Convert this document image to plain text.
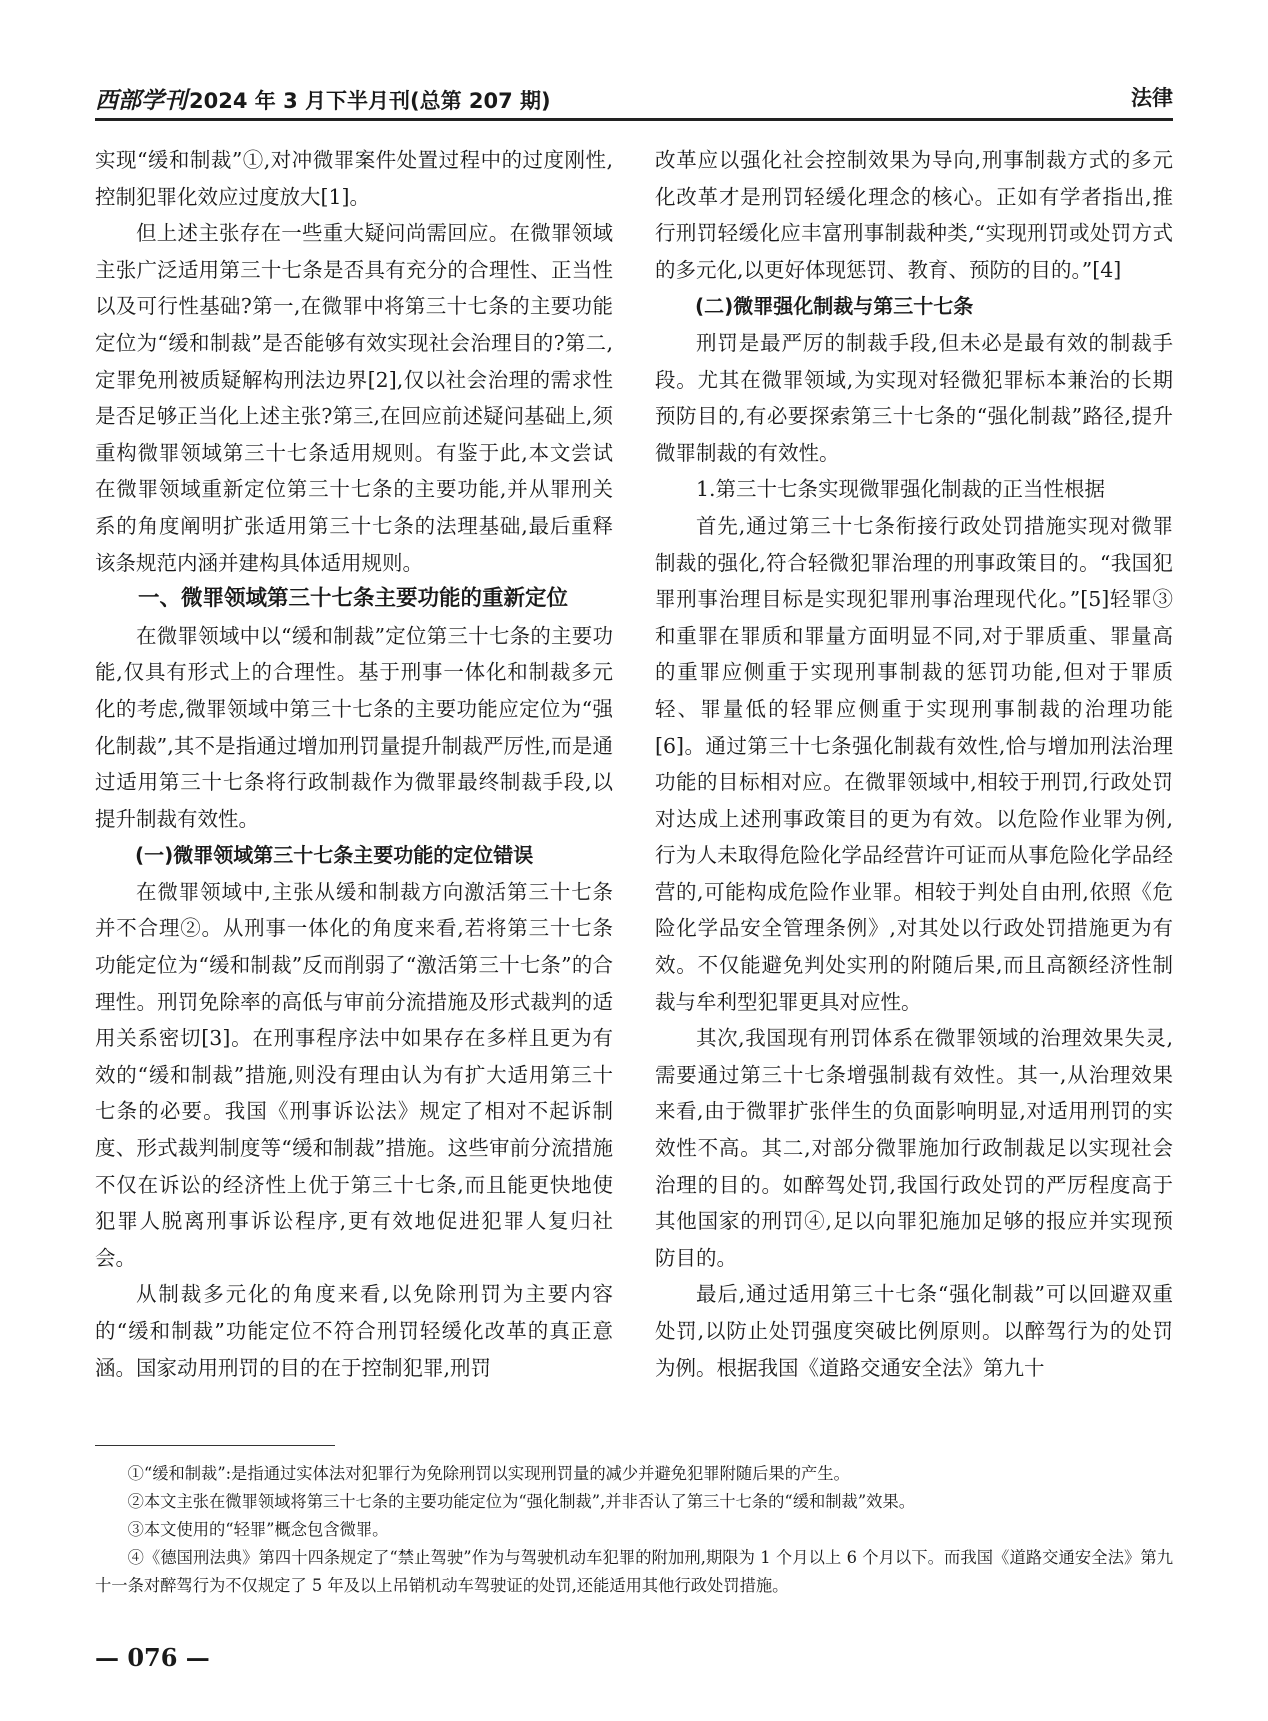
西部学刊2024 年 3 月下半月刊(总第 207 期)	法律

实现“缓和制裁”①,对冲微罪案件处置过程中的过度刚性,控制犯罪化效应过度放大[1]。

但上述主张存在一些重大疑问尚需回应。在微罪领域主张广泛适用第三十七条是否具有充分的合理性、正当性以及可行性基础?第一,在微罪中将第三十七条的主要功能定位为“缓和制裁”是否能够有效实现社会治理目的?第二,定罪免刑被质疑解构刑法边界[2],仅以社会治理的需求性是否足够正当化上述主张?第三,在回应前述疑问基础上,须重构微罪领域第三十七条适用规则。有鉴于此,本文尝试在微罪领域重新定位第三十七条的主要功能,并从罪刑关系的角度阐明扩张适用第三十七条的法理基础,最后重释该条规范内涵并建构具体适用规则。

一、微罪领域第三十七条主要功能的重新定位

在微罪领域中以“缓和制裁”定位第三十七条的主要功能,仅具有形式上的合理性。基于刑事一体化和制裁多元化的考虑,微罪领域中第三十七条的主要功能应定位为“强化制裁”,其不是指通过增加刑罚量提升制裁严厉性,而是通过适用第三十七条将行政制裁作为微罪最终制裁手段,以提升制裁有效性。

(一)微罪领域第三十七条主要功能的定位错误

在微罪领域中,主张从缓和制裁方向激活第三十七条并不合理②。从刑事一体化的角度来看,若将第三十七条功能定位为“缓和制裁”反而削弱了“激活第三十七条”的合理性。刑罚免除率的高低与审前分流措施及形式裁判的适用关系密切[3]。在刑事程序法中如果存在多样且更为有效的“缓和制裁”措施,则没有理由认为有扩大适用第三十七条的必要。我国《刑事诉讼法》规定了相对不起诉制度、形式裁判制度等“缓和制裁”措施。这些审前分流措施不仅在诉讼的经济性上优于第三十七条,而且能更快地使犯罪人脱离刑事诉讼程序,更有效地促进犯罪人复归社会。

从制裁多元化的角度来看,以免除刑罚为主要内容的“缓和制裁”功能定位不符合刑罚轻缓化改革的真正意涵。国家动用刑罚的目的在于控制犯罪,刑罚

改革应以强化社会控制效果为导向,刑事制裁方式的多元化改革才是刑罚轻缓化理念的核心。正如有学者指出,推行刑罚轻缓化应丰富刑事制裁种类,“实现刑罚或处罚方式的多元化,以更好体现惩罚、教育、预防的目的。”[4]

(二)微罪强化制裁与第三十七条

刑罚是最严厉的制裁手段,但未必是最有效的制裁手段。尤其在微罪领域,为实现对轻微犯罪标本兼治的长期预防目的,有必要探索第三十七条的“强化制裁”路径,提升微罪制裁的有效性。

1.第三十七条实现微罪强化制裁的正当性根据

首先,通过第三十七条衔接行政处罚措施实现对微罪制裁的强化,符合轻微犯罪治理的刑事政策目的。“我国犯罪刑事治理目标是实现犯罪刑事治理现代化。”[5]轻罪③和重罪在罪质和罪量方面明显不同,对于罪质重、罪量高的重罪应侧重于实现刑事制裁的惩罚功能,但对于罪质轻、罪量低的轻罪应侧重于实现刑事制裁的治理功能[6]。通过第三十七条强化制裁有效性,恰与增加刑法治理功能的目标相对应。在微罪领域中,相较于刑罚,行政处罚对达成上述刑事政策目的更为有效。以危险作业罪为例,行为人未取得危险化学品经营许可证而从事危险化学品经营的,可能构成危险作业罪。相较于判处自由刑,依照《危险化学品安全管理条例》,对其处以行政处罚措施更为有效。不仅能避免判处实刑的附随后果,而且高额经济性制裁与牟利型犯罪更具对应性。

其次,我国现有刑罚体系在微罪领域的治理效果失灵,需要通过第三十七条增强制裁有效性。其一,从治理效果来看,由于微罪扩张伴生的负面影响明显,对适用刑罚的实效性不高。其二,对部分微罪施加行政制裁足以实现社会治理的目的。如醉驾处罚,我国行政处罚的严厉程度高于其他国家的刑罚④,足以向罪犯施加足够的报应并实现预防目的。

最后,通过适用第三十七条“强化制裁”可以回避双重处罚,以防止处罚强度突破比例原则。以醉驾行为的处罚为例。根据我国《道路交通安全法》第九十

①“缓和制裁”:是指通过实体法对犯罪行为免除刑罚以实现刑罚量的减少并避免犯罪附随后果的产生。

②本文主张在微罪领域将第三十七条的主要功能定位为“强化制裁”,并非否认了第三十七条的“缓和制裁”效果。

③本文使用的“轻罪”概念包含微罪。

④《德国刑法典》第四十四条规定了“禁止驾驶”作为与驾驶机动车犯罪的附加刑,期限为 1 个月以上 6 个月以下。而我国《道路交通安全法》第九十一条对醉驾行为不仅规定了 5 年及以上吊销机动车驾驶证的处罚,还能适用其他行政处罚措施。

— 076 —
